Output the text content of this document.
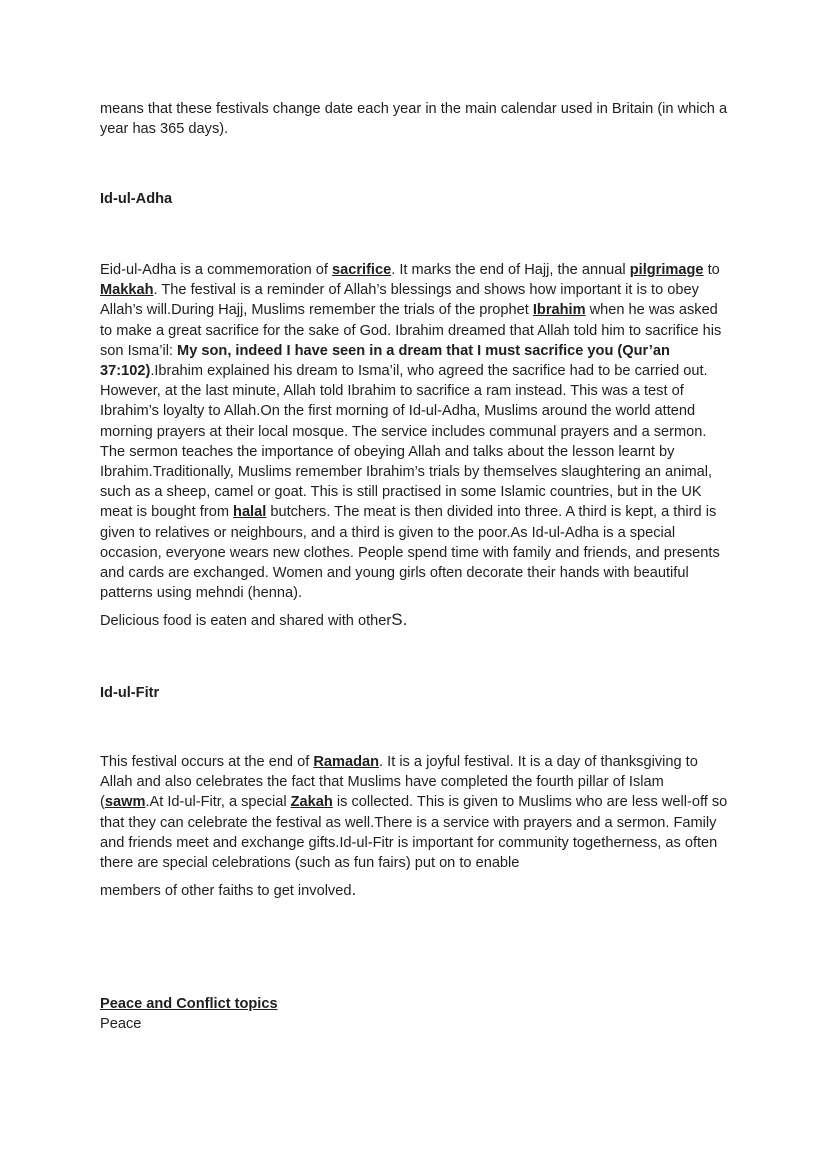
means that these festivals change date each year in the main calendar used in Britain (in which a year has 365 days).

Id-ul-Adha

Eid-ul-Adha is a commemoration of sacrifice. It marks the end of Hajj, the annual pilgrimage to Makkah. The festival is a reminder of Allah’s blessings and shows how important it is to obey Allah’s will.During Hajj, Muslims remember the trials of the prophet Ibrahim when he was asked to make a great sacrifice for the sake of God. Ibrahim dreamed that Allah told him to sacrifice his son Isma’il: My son, indeed I have seen in a dream that I must sacrifice you (Qur’an 37:102).Ibrahim explained his dream to Isma’il, who agreed the sacrifice had to be carried out. However, at the last minute, Allah told Ibrahim to sacrifice a ram instead. This was a test of Ibrahim’s loyalty to Allah.On the first morning of Id-ul-Adha, Muslims around the world attend morning prayers at their local mosque. The service includes communal prayers and a sermon. The sermon teaches the importance of obeying Allah and talks about the lesson learnt by Ibrahim.Traditionally, Muslims remember Ibrahim’s trials by themselves slaughtering an animal, such as a sheep, camel or goat. This is still practised in some Islamic countries, but in the UK meat is bought from halal butchers. The meat is then divided into three. A third is kept, a third is given to relatives or neighbours, and a third is given to the poor.As Id-ul-Adha is a special occasion, everyone wears new clothes. People spend time with family and friends, and presents and cards are exchanged. Women and young girls often decorate their hands with beautiful patterns using mehndi (henna).
Delicious food is eaten and shared with otherS.

Id-ul-Fitr

This festival occurs at the end of Ramadan. It is a joyful festival. It is a day of thanksgiving to Allah and also celebrates the fact that Muslims have completed the fourth pillar of Islam (sawm.At Id-ul-Fitr, a special Zakah is collected. This is given to Muslims who are less well-off so that they can celebrate the festival as well.There is a service with prayers and a sermon. Family and friends meet and exchange gifts.Id-ul-Fitr is important for community togetherness, as often there are special celebrations (such as fun fairs) put on to enable
members of other faiths to get involved.

Peace and Conflict topics
Peace
